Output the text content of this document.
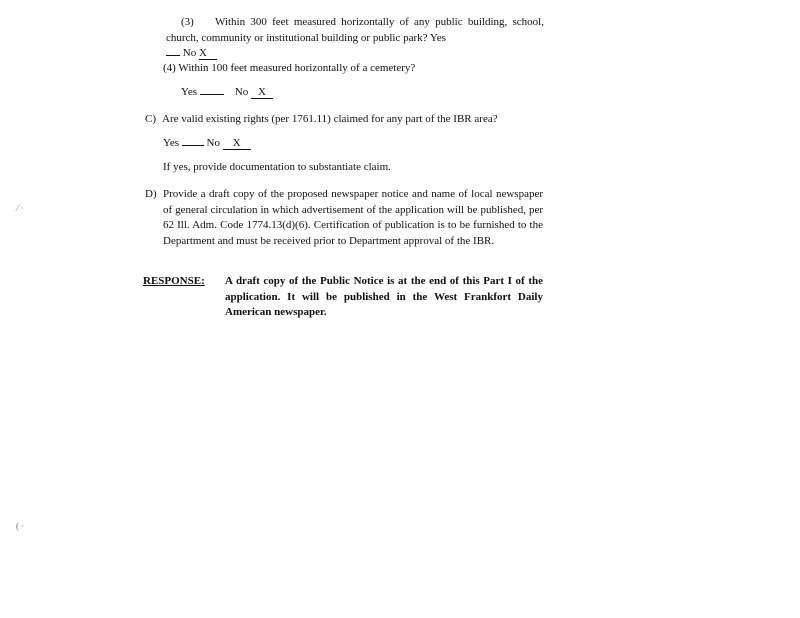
(3) Within 300 feet measured horizontally of any public building, school, church, community or institutional building or public park? Yes
No X
(4) Within 100 feet measured horizontally of a cemetery?
Yes	No X
C) Are valid existing rights (per 1761.11) claimed for any part of the IBR area?
Yes	No X
If yes, provide documentation to substantiate claim.
D) Provide a draft copy of the proposed newspaper notice and name of local newspaper of general circulation in which advertisement of the application will be published, per 62 Ill. Adm. Code 1774.13(d)(6). Certification of publication is to be furnished to the Department and must be received prior to Department approval of the IBR.
RESPONSE: A draft copy of the Public Notice is at the end of this Part I of the application. It will be published in the West Frankfort Daily American newspaper.
⁄ ·
( ·
